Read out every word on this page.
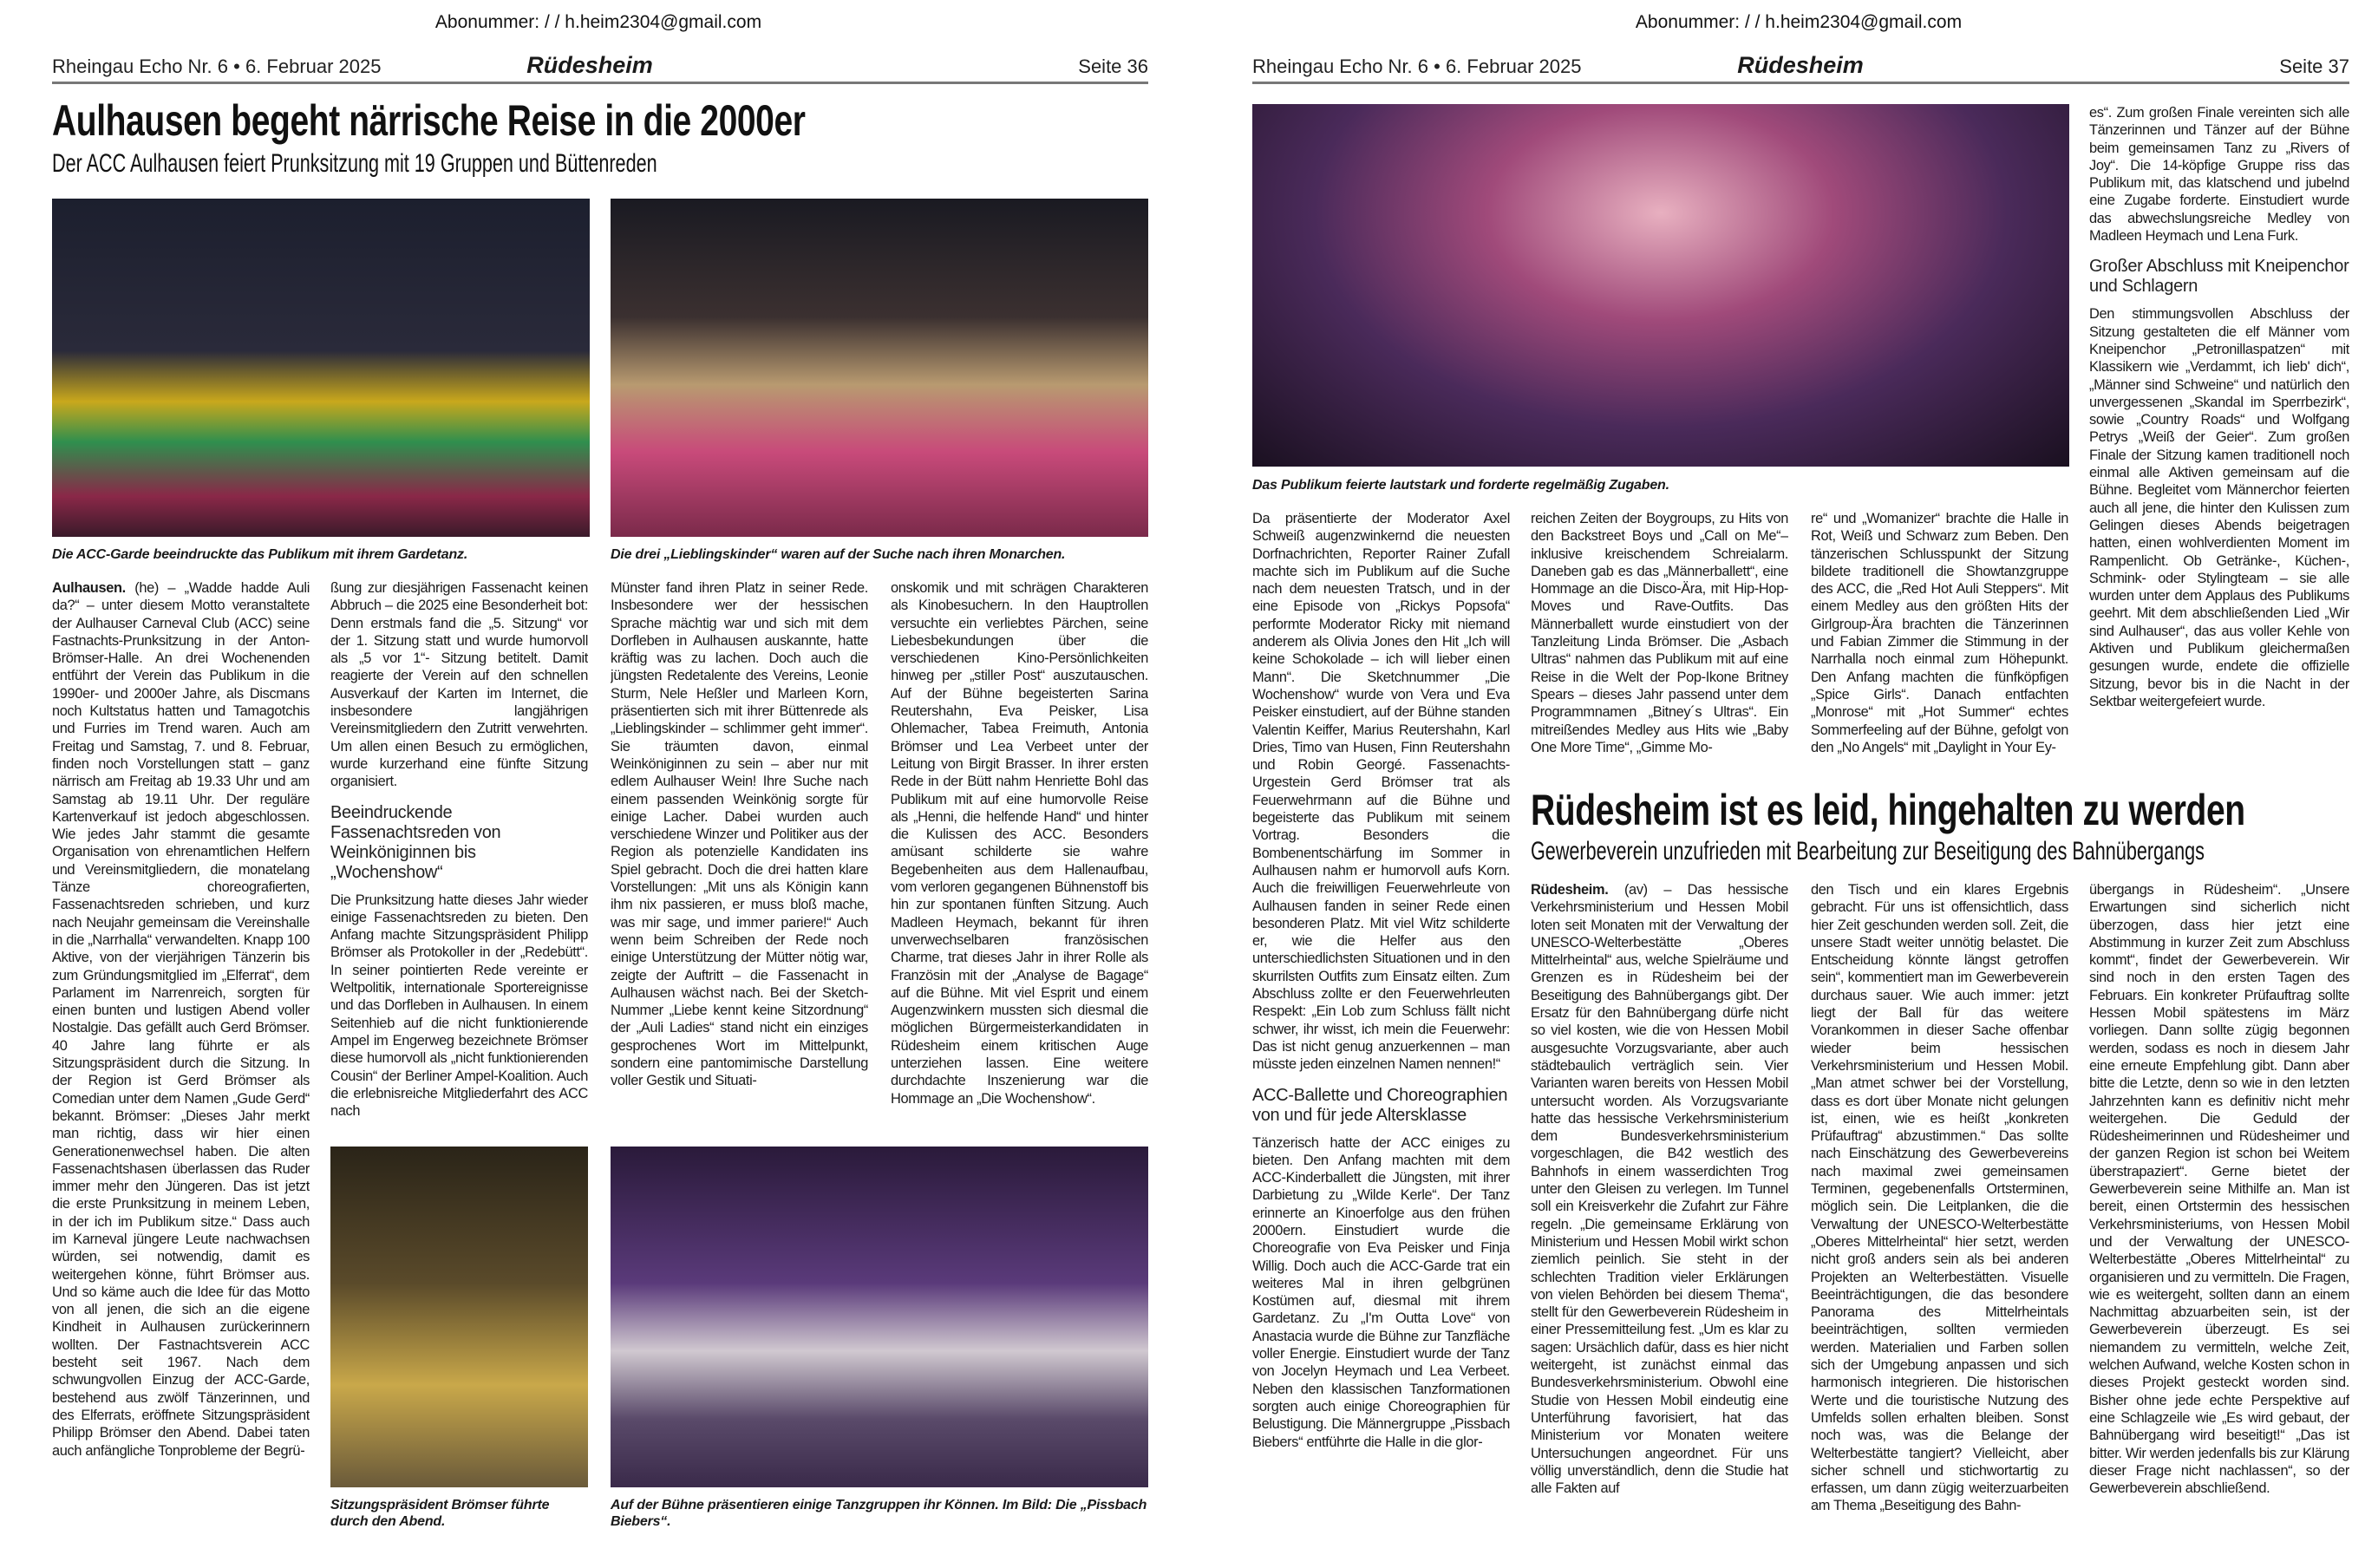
Abonummer: / / h.heim2304@gmail.com
Rheingau Echo Nr. 6 • 6. Februar 2025	Rüdesheim	Seite 36
Aulhausen begeht närrische Reise in die 2000er
Der ACC Aulhausen feiert Prunksitzung mit 19 Gruppen und Büttenreden
Die ACC-Garde beeindruckte das Publikum mit ihrem Gardetanz.	Die drei „Lieblingskinder“ waren auf der Suche nach ihren Monarchen.

Aulhausen. (he) – „Wadde hadde Auli da?“ – unter diesem Motto veranstaltete der Aulhauser Carneval Club (ACC) seine Fastnachts-Prunksitzung in der Anton-Brömser-Halle. An drei Wochenenden entführt der Verein das Publikum in die 1990er- und 2000er Jahre, als Discmans noch Kultstatus hatten und Tamagotchis und Furries im Trend waren. Auch am Freitag und Samstag, 7. und 8. Februar, finden noch Vorstellungen statt – ganz närrisch am Freitag ab 19.33 Uhr und am Samstag ab 19.11 Uhr. Der reguläre Kartenverkauf ist jedoch abgeschlossen. Wie jedes Jahr stammt die gesamte Organisation von ehrenamtlichen Helfern und Vereinsmitgliedern, die monatelang Tänze choreografierten, Fassenachtsreden schrieben, und kurz nach Neujahr gemeinsam die Vereinshalle in die „Narrhalla“ verwandelten. Knapp 100 Aktive, von der vierjährigen Tänzerin bis zum Gründungsmitglied im „Elferrat“, dem Parlament im Narrenreich, sorgten für einen bunten und lustigen Abend voller Nostalgie. Das gefällt auch Gerd Brömser. 40 Jahre lang führte er als Sitzungspräsident durch die Sitzung. In der Region ist Gerd Brömser als Comedian unter dem Namen „Gude Gerd“ bekannt. Brömser: „Dieses Jahr merkt man richtig, dass wir hier einen Generationenwechsel haben. Die alten Fassenachtshasen überlassen das Ruder immer mehr den Jüngeren. Das ist jetzt die erste Prunksitzung in meinem Leben, in der ich im Publikum sitze.“ Dass auch im Karneval jüngere Leute nachwachsen würden, sei notwendig, damit es weitergehen könne, führt Brömser aus. Und so käme auch die Idee für das Motto von all jenen, die sich an die eigene Kindheit in Aulhausen zurückerinnern wollten. Der Fastnachtsverein ACC besteht seit 1967. Nach dem schwungvollen Einzug der ACC-Garde, bestehend aus zwölf Tänzerinnen, und des Elferrats, eröffnete Sitzungspräsident Philipp Brömser den Abend. Dabei taten auch anfängliche Tonprobleme der Begrü-

ßung zur diesjährigen Fassenacht keinen Abbruch – die 2025 eine Besonderheit bot: Denn erstmals fand die „5. Sitzung“ vor der 1. Sitzung statt und wurde humorvoll als „5 vor 1“- Sitzung betitelt. Damit reagierte der Verein auf den schnellen Ausverkauf der Karten im Internet, die insbesondere langjährigen Vereinsmitgliedern den Zutritt verwehrten. Um allen einen Besuch zu ermöglichen, wurde kurzerhand eine fünfte Sitzung organisiert.

Beeindruckende Fassenachtsreden von Weinköniginnen bis „Wochenshow“

Die Prunksitzung hatte dieses Jahr wieder einige Fassenachtsreden zu bieten. Den Anfang machte Sitzungspräsident Philipp Brömser als Protokoller in der „Redebütt“. In seiner pointierten Rede vereinte er Weltpolitik, internationale Sportereignisse und das Dorfleben in Aulhausen. In einem Seitenhieb auf die nicht funktionierende Ampel im Engerweg bezeichnete Brömser diese humorvoll als „nicht funktionierenden Cousin“ der Berliner Ampel-Koalition. Auch die erlebnisreiche Mitgliederfahrt des ACC nach

Münster fand ihren Platz in seiner Rede. Insbesondere wer der hessischen Sprache mächtig war und sich mit dem Dorfleben in Aulhausen auskannte, hatte kräftig was zu lachen. Doch auch die jüngsten Redetalente des Vereins, Leonie Sturm, Nele Heßler und Marleen Korn, präsentierten sich mit ihrer Büttenrede als „Lieblingskinder – schlimmer geht immer“. Sie träumten davon, einmal Weinköniginnen zu sein – aber nur mit edlem Aulhauser Wein! Ihre Suche nach einem passenden Weinkönig sorgte für einige Lacher. Dabei wurden auch verschiedene Winzer und Politiker aus der Region als potenzielle Kandidaten ins Spiel gebracht. Doch die drei hatten klare Vorstellungen: „Mit uns als Königin kann ihm nix passieren, er muss bloß mache, was mir sage, und immer pariere!“ Auch wenn beim Schreiben der Rede noch einige Unterstützung der Mütter nötig war, zeigte der Auftritt – die Fassenacht in Aulhausen wächst nach. Bei der Sketch-Nummer „Liebe kennt keine Sitzordnung“ der „Auli Ladies“ stand nicht ein einziges gesprochenes Wort im Mittelpunkt, sondern eine pantomimische Darstellung voller Gestik und Situati-
onskomik und mit schrägen Charakteren als Kinobesuchern. In den Hauptrollen versuchte ein verliebtes Pärchen, seine Liebesbekundungen über die verschiedenen Kino-Persönlichkeiten hinweg per „stiller Post“ auszutauschen. Auf der Bühne begeisterten Sarina Reutershahn, Eva Peisker, Lisa Ohlemacher, Tabea Freimuth, Antonia Brömser und Lea Verbeet unter der Leitung von Birgit Brasser. In ihrer ersten Rede in der Bütt nahm Henriette Bohl das Publikum mit auf eine humorvolle Reise als „Henni, die helfende Hand“ und hinter die Kulissen des ACC. Besonders amüsant schilderte sie wahre Begebenheiten aus dem Hallenaufbau, vom verloren gegangenen Bühnenstoff bis hin zur spontanen fünften Sitzung. Auch Madleen Heymach, bekannt für ihren unverwechselbaren französischen Charme, trat dieses Jahr in ihrer Rolle als Französin mit der „Analyse de Bagage“ auf die Bühne. Mit viel Esprit und einem Augenzwinkern mussten sich diesmal die möglichen Bürgermeisterkandidaten in Rüdesheim einem kritischen Auge unterziehen lassen. Eine weitere durchdachte Inszenierung war die Hommage an „Die Wochenshow“.
Sitzungspräsident Brömser führte durch den Abend.
Auf der Bühne präsentieren einige Tanzgruppen ihr Können. Im Bild: Die „Pissbach Biebers“.
Abonummer: / / h.heim2304@gmail.com
Rheingau Echo Nr. 6 • 6. Februar 2025	Rüdesheim	Seite 37
Das Publikum feierte lautstark und forderte regelmäßig Zugaben.

Da präsentierte der Moderator Axel Schweiß augenzwinkernd die neuesten Dorfnachrichten, Reporter Rainer Zufall machte sich im Publikum auf die Suche nach dem neuesten Tratsch, und in der eine Episode von „Rickys Popsofa“ performte Moderator Ricky mit niemand anderem als Olivia Jones den Hit „Ich will keine Schokolade – ich will lieber einen Mann“. Die Sketchnummer „Die Wochenshow“ wurde von Vera und Eva Peisker einstudiert, auf der Bühne standen Valentin Keiffer, Marius Reutershahn, Karl Dries, Timo van Husen, Finn Reutershahn und Robin Georgé. Fassenachts-Urgestein Gerd Brömser trat als Feuerwehrmann auf die Bühne und begeisterte das Publikum mit seinem Vortrag. Besonders die Bombenentschärfung im Sommer in Aulhausen nahm er humorvoll aufs Korn. Auch die freiwilligen Feuerwehrleute von Aulhausen fanden in seiner Rede einen besonderen Platz. Mit viel Witz schilderte er, wie die Helfer aus den unterschiedlichsten Situationen und in den skurrilsten Outfits zum Einsatz eilten. Zum Abschluss zollte er den Feuerwehrleuten Respekt: „Ein Lob zum Schluss fällt nicht schwer, ihr wisst, ich mein die Feuerwehr: Das ist nicht genug anzuerkennen – man müsste jeden einzelnen Namen nennen!“

ACC-Ballette und Choreographien von und für jede Altersklasse

Tänzerisch hatte der ACC einiges zu bieten. Den Anfang machten mit dem ACC-Kinderballett die Jüngsten, mit ihrer Darbietung zu „Wilde Kerle“. Der Tanz erinnerte an Kinoerfolge aus den frühen 2000ern. Einstudiert wurde die Choreografie von Eva Peisker und Finja Willig. Doch auch die ACC-Garde trat ein weiteres Mal in ihren gelbgrünen Kostümen auf, diesmal mit ihrem Gardetanz. Zu „I'm Outta Love“ von Anastacia wurde die Bühne zur Tanzfläche voller Energie. Einstudiert wurde der Tanz von Jocelyn Heymach und Lea Verbeet. Neben den klassischen Tanzformationen sorgten auch einige Choreographien für Belustigung. Die Männergruppe „Pissbach Biebers“ entführte die Halle in die glor-

reichen Zeiten der Boygroups, zu Hits von den Backstreet Boys und „Call on Me“– inklusive kreischendem Schreialarm. Daneben gab es das „Männerballett“, eine Hommage an die Disco-Ära, mit Hip-Hop-Moves und Rave-Outfits. Das Männerballett wurde einstudiert von der Tanzleitung Linda Brömser. Die „Asbach Ultras“ nahmen das Publikum mit auf eine Reise in die Welt der Pop-Ikone Britney Spears – dieses Jahr passend unter dem Programmnamen „Bitney´s Ultras“. Ein mitreißendes Medley aus Hits wie „Baby One More Time“, „Gimme Mo-
re“ und „Womanizer“ brachte die Halle in Rot, Weiß und Schwarz zum Beben. Den tänzerischen Schlusspunkt der Sitzung bildete traditionell die Showtanzgruppe des ACC, die „Red Hot Auli Steppers“. Mit einem Medley aus den größten Hits der Girlgroup-Ära brachten die Tänzerinnen und Fabian Zimmer die Stimmung in der Narrhalla noch einmal zum Höhepunkt. Den Anfang machten die fünfköpfigen „Spice Girls“. Danach entfachten „Monrose“ mit „Hot Summer“ echtes Sommerfeeling auf der Bühne, gefolgt von den „No Angels“ mit „Daylight in Your Ey-

es“. Zum großen Finale vereinten sich alle Tänzerinnen und Tänzer auf der Bühne beim gemeinsamen Tanz zu „Rivers of Joy“. Die 14-köpfige Gruppe riss das Publikum mit, das klatschend und jubelnd eine Zugabe forderte. Einstudiert wurde das abwechslungsreiche Medley von Madleen Heymach und Lena Furk.

Großer Abschluss mit Kneipenchor und Schlagern

Den stimmungsvollen Abschluss der Sitzung gestalteten die elf Männer vom Kneipenchor „Petronillaspatzen“ mit Klassikern wie „Verdammt, ich lieb' dich“, „Männer sind Schweine“ und natürlich den unvergessenen „Skandal im Sperrbezirk“, sowie „Country Roads“ und Wolfgang Petrys „Weiß der Geier“. Zum großen Finale der Sitzung kamen traditionell noch einmal alle Aktiven gemeinsam auf die Bühne. Begleitet vom Männerchor feierten auch all jene, die hinter den Kulissen zum Gelingen dieses Abends beigetragen hatten, einen wohlverdienten Moment im Rampenlicht. Ob Getränke-, Küchen-, Schmink- oder Stylingteam – sie alle wurden unter dem Applaus des Publikums geehrt. Mit dem abschließenden Lied „Wir sind Aulhauser“, das aus voller Kehle von Aktiven und Publikum gleichermaßen gesungen wurde, endete die offizielle Sitzung, bevor bis in die Nacht in der Sektbar weitergefeiert wurde.

Rüdesheim ist es leid, hingehalten zu werden
Gewerbeverein unzufrieden mit Bearbeitung zur Beseitigung des Bahnübergangs

Rüdesheim. (av) – Das hessische Verkehrsministerium und Hessen Mobil loten seit Monaten mit der Verwaltung der UNESCO-Welterbestätte „Oberes Mittelrheintal“ aus, welche Spielräume und Grenzen es in Rüdesheim bei der Beseitigung des Bahnübergangs gibt. Der Ersatz für den Bahnübergang dürfe nicht so viel kosten, wie die von Hessen Mobil ausgesuchte Vorzugsvariante, aber auch städtebaulich verträglich sein. Vier Varianten waren bereits von Hessen Mobil untersucht worden. Als Vorzugsvariante hatte das hessische Verkehrsministerium dem Bundesverkehrsministerium vorgeschlagen, die B42 westlich des Bahnhofs in einem wasserdichten Trog unter den Gleisen zu verlegen. Im Tunnel soll ein Kreisverkehr die Zufahrt zur Fähre regeln. „Die gemeinsame Erklärung von Ministerium und Hessen Mobil wirkt schon ziemlich peinlich. Sie steht in der schlechten Tradition vieler Erklärungen von vielen Behörden bei diesem Thema“, stellt für den Gewerbeverein Rüdesheim in einer Pressemitteilung fest. „Um es klar zu sagen: Ursächlich dafür, dass es hier nicht weitergeht, ist zunächst einmal das Bundesverkehrsministerium. Obwohl eine Studie von Hessen Mobil eindeutig eine Unterführung favorisiert, hat das Ministerium vor Monaten weitere Untersuchungen angeordnet. Für uns völlig unverständlich, denn die Studie hat alle Fakten auf

den Tisch und ein klares Ergebnis gebracht. Für uns ist offensichtlich, dass hier Zeit geschunden werden soll. Zeit, die unsere Stadt weiter unnötig belastet. Die Entscheidung könnte längst getroffen sein“, kommentiert man im Gewerbeverein durchaus sauer. Wie auch immer: jetzt liegt der Ball für das weitere Vorankommen in dieser Sache offenbar wieder beim hessischen Verkehrsministerium und Hessen Mobil. „Man atmet schwer bei der Vorstellung, dass es dort über Monate nicht gelungen ist, einen, wie es heißt „konkreten Prüfauftrag“ abzustimmen.“ Das sollte nach Einschätzung des Gewerbevereins nach maximal zwei gemeinsamen Terminen, gegebenenfalls Ortsterminen, möglich sein. Die Leitplanken, die die Verwaltung der UNESCO-Welterbestätte „Oberes Mittelrheintal“ hier setzt, werden nicht groß anders sein als bei anderen Projekten an Welterbestätten. Visuelle Beeinträchtigungen, die das besondere Panorama des Mittelrheintals beeinträchtigen, sollten vermieden werden. Materialien und Farben sollen sich der Umgebung anpassen und sich harmonisch integrieren. Die historischen Werte und die touristische Nutzung des Umfelds sollen erhalten bleiben. Sonst noch was, was die Belange der Welterbestätte tangiert? Vielleicht, aber sicher schnell und stichwortartig zu erfassen, um dann zügig weiterzuarbeiten am Thema „Beseitigung des Bahn-
übergangs in Rüdesheim“. „Unsere Erwartungen sind sicherlich nicht überzogen, dass hier jetzt eine Abstimmung in kurzer Zeit zum Abschluss kommt“, findet der Gewerbeverein. Wir sind noch in den ersten Tagen des Februars. Ein konkreter Prüfauftrag sollte Hessen Mobil spätestens im März vorliegen. Dann sollte zügig begonnen werden, sodass es noch in diesem Jahr eine erneute Empfehlung gibt. Dann aber bitte die Letzte, denn so wie in den letzten Jahrzehnten kann es definitiv nicht mehr weitergehen. Die Geduld der Rüdesheimerinnen und Rüdesheimer und der ganzen Region ist schon bei Weitem überstrapaziert“. Gerne bietet der Gewerbeverein seine Mithilfe an. Man ist bereit, einen Ortstermin des hessischen Verkehrsministeriums, von Hessen Mobil und der Verwaltung der UNESCO-Welterbestätte „Oberes Mittelrheintal“ zu organisieren und zu vermitteln. Die Fragen, wie es weitergeht, sollten dann an einem Nachmittag abzuarbeiten sein, ist der Gewerbeverein überzeugt. Es sei niemandem zu vermitteln, welche Zeit, welchen Aufwand, welche Kosten schon in dieses Projekt gesteckt worden sind. Bisher ohne jede echte Perspektive auf eine Schlagzeile wie „Es wird gebaut, der Bahnübergang wird beseitigt!“ „Das ist bitter. Wir werden jedenfalls bis zur Klärung dieser Frage nicht nachlassen“, so der Gewerbeverein abschließend.
